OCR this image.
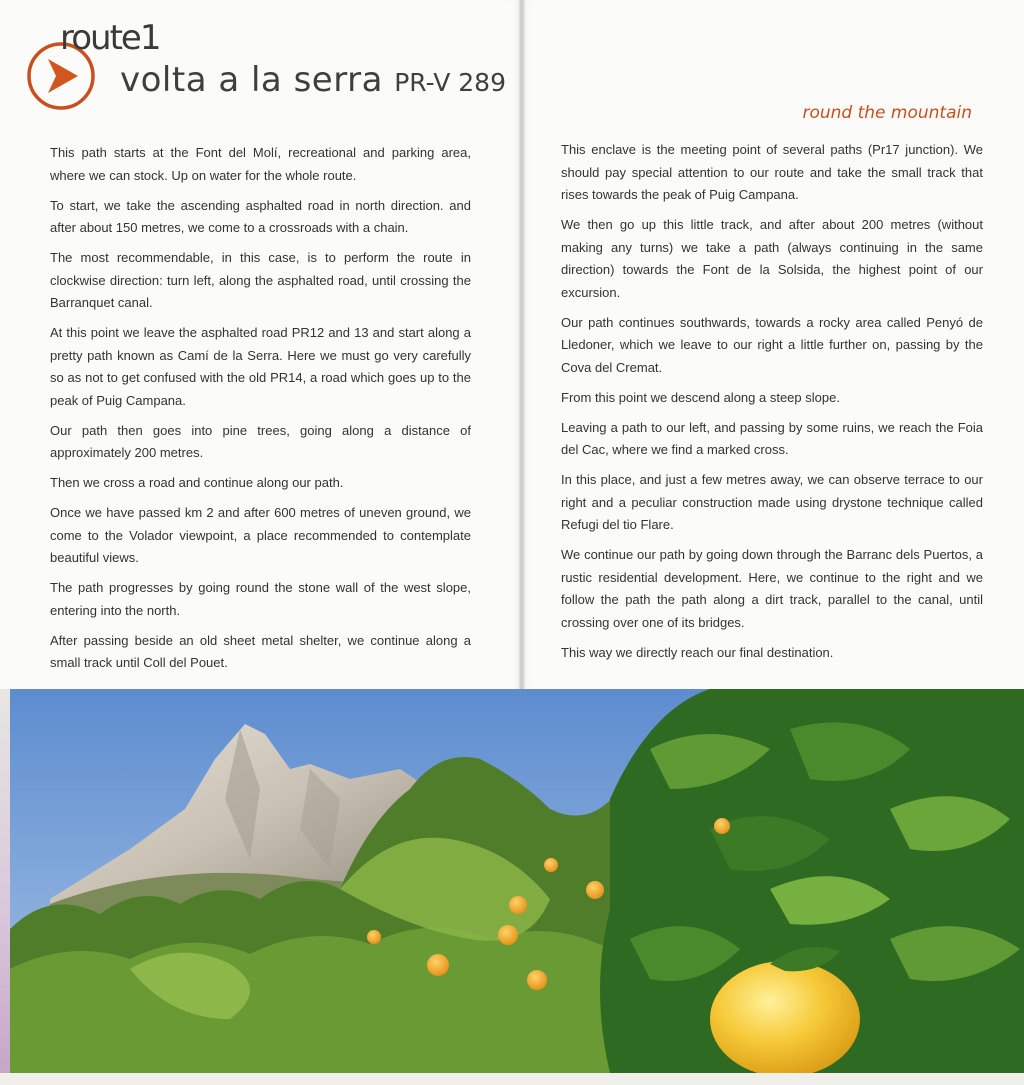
route1
volta a la serra PR-V 289
round the mountain

This path starts at the Font del Molí, recreational and parking area, where we can stock. Up on water for the whole route.

To start, we take the ascending asphalted road in north direction. and after about 150 metres, we come to a crossroads with a chain.

The most recommendable, in this case, is to perform the route in clockwise direction: turn left, along the asphalted road, until crossing the Barranquet canal.

At this point we leave the asphalted road PR12 and 13 and start along a pretty path known as Camí de la Serra. Here we must go very carefully so as not to get confused with the old PR14, a road which goes up to the peak of Puig Campana.

Our path then goes into pine trees, going along a distance of approximately 200 metres.

Then we cross a road and continue along our path.

Once we have passed km 2 and after 600 metres of uneven ground, we come to the Volador viewpoint, a place recommended to contemplate beautiful views.

The path progresses by going round the stone wall of the west slope, entering into the north.

After passing beside an old sheet metal shelter, we continue along a small track until Coll del Pouet.

This enclave is the meeting point of several paths (Pr17 junction). We should pay special attention to our route and take the small track that rises towards the peak of Puig Campana.

We then go up this little track, and after about 200 metres (without making any turns) we take a path (always continuing in the same direction) towards the Font de la Solsida, the highest point of our excursion.

Our path continues southwards, towards a rocky area called Penyó de Lledoner, which we leave to our right a little further on, passing by the Cova del Cremat.

From this point we descend along a steep slope.

Leaving a path to our left, and passing by some ruins, we reach the Foia del Cac, where we find a marked cross.

In this place, and just a few metres away, we can observe terrace to our right and a peculiar construction made using drystone technique called Refugi del tio Flare.

We continue our path by going down through the Barranc dels Puertos, a rustic residential development. Here, we continue to the right and we follow the path the path along a dirt track, parallel to the canal, until crossing over one of its bridges.

This way we directly reach our final destination.
